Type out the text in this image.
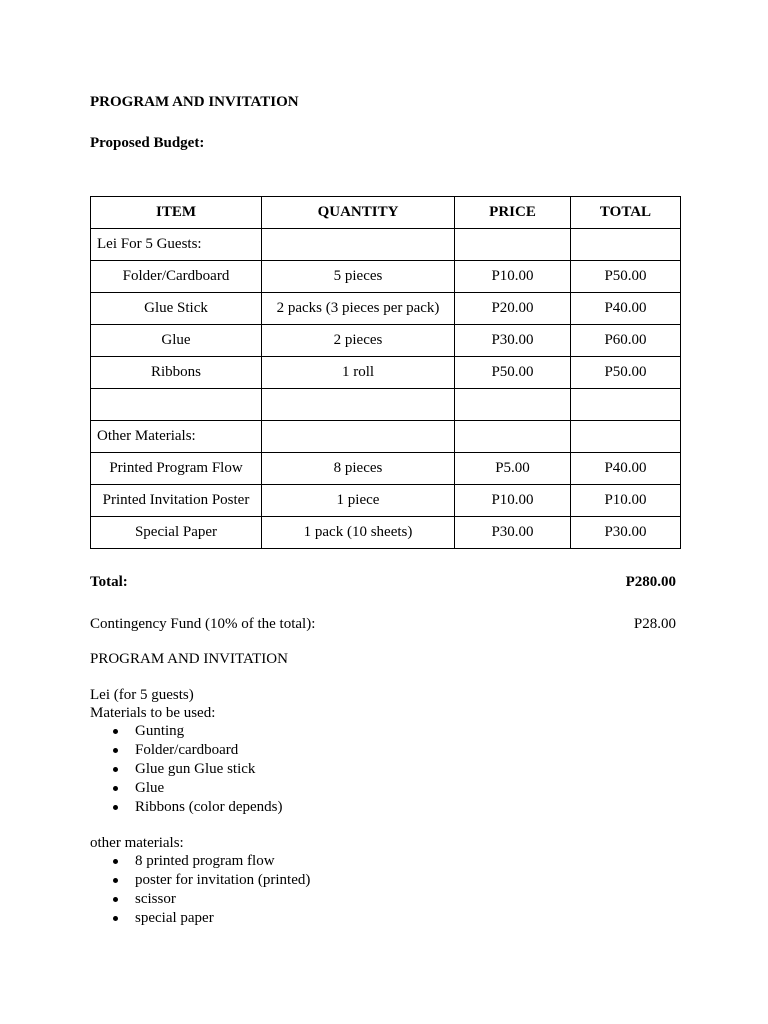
PROGRAM AND INVITATION
Proposed Budget:
ITEM	QUANTITY	PRICE	TOTAL
Lei For 5 Guests:			
Folder/Cardboard	5 pieces	P10.00	P50.00
Glue Stick	2 packs (3 pieces per pack)	P20.00	P40.00
Glue	2 pieces	P30.00	P60.00
Ribbons	1 roll	P50.00	P50.00

Other Materials:			
Printed Program Flow	8 pieces	P5.00	P40.00
Printed Invitation Poster	1 piece	P10.00	P10.00
Special Paper	1 pack (10 sheets)	P30.00	P30.00
Total:	P280.00
Contingency Fund (10% of the total):	P28.00
PROGRAM AND INVITATION
Lei (for 5 guests)
Materials to be used:
Gunting
Folder/cardboard
Glue gun Glue stick
Glue
Ribbons (color depends)
other materials:
8 printed program flow
poster for invitation (printed)
scissor
special paper
